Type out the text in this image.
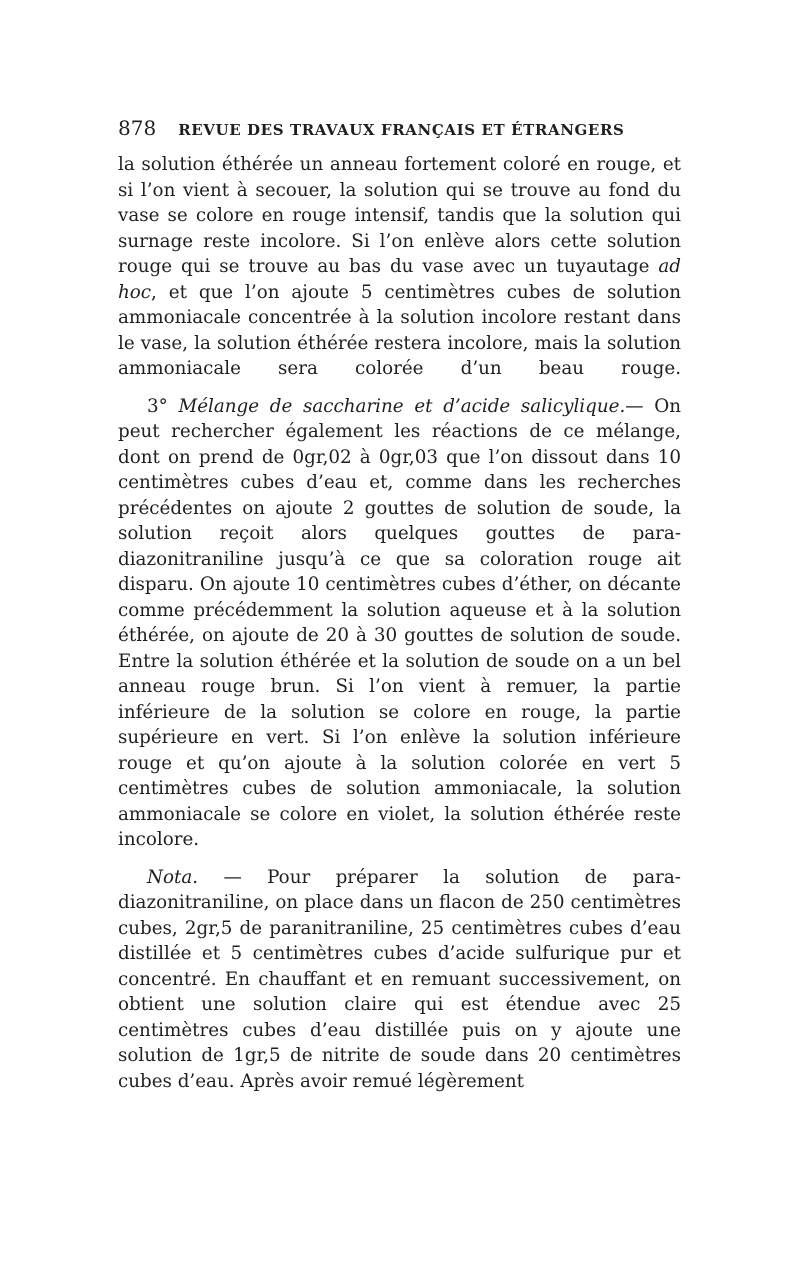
878 REVUE DES TRAVAUX FRANÇAIS ET ÉTRANGERS

la solution éthérée un anneau fortement coloré en rouge, et si l’on vient à secouer, la solution qui se trouve au fond du vase se colore en rouge intensif, tandis que la solution qui surnage reste incolore. Si l’on enlève alors cette solution rouge qui se trouve au bas du vase avec un tuyautage ad hoc, et que l’on ajoute 5 centimètres cubes de solution ammoniacale concentrée à la solution incolore restant dans le vase, la solution éthérée restera incolore, mais la solution ammoniacale sera colorée d’un beau rouge.

3° Mélange de saccharine et d’acide salicylique.— On peut rechercher également les réactions de ce mélange, dont on prend de 0gr,02 à 0gr,03 que l’on dissout dans 10 centimètres cubes d’eau et, comme dans les recherches précédentes on ajoute 2 gouttes de solution de soude, la solution reçoit alors quelques gouttes de para-diazonitraniline jusqu’à ce que sa coloration rouge ait disparu. On ajoute 10 centimètres cubes d’éther, on décante comme précédemment la solution aqueuse et à la solution éthérée, on ajoute de 20 à 30 gouttes de solution de soude. Entre la solution éthérée et la solution de soude on a un bel anneau rouge brun. Si l’on vient à remuer, la partie inférieure de la solution se colore en rouge, la partie supérieure en vert. Si l’on enlève la solution inférieure rouge et qu’on ajoute à la solution colorée en vert 5 centimètres cubes de solution ammoniacale, la solution ammoniacale se colore en violet, la solution éthérée reste incolore.

Nota. — Pour préparer la solution de para-diazonitraniline, on place dans un flacon de 250 centimètres cubes, 2gr,5 de paranitraniline, 25 centimètres cubes d’eau distillée et 5 centimètres cubes d’acide sulfurique pur et concentré. En chauffant et en remuant successivement, on obtient une solution claire qui est étendue avec 25 centimètres cubes d’eau distillée puis on y ajoute une solution de 1gr,5 de nitrite de soude dans 20 centimètres cubes d’eau. Après avoir remué légèrement
